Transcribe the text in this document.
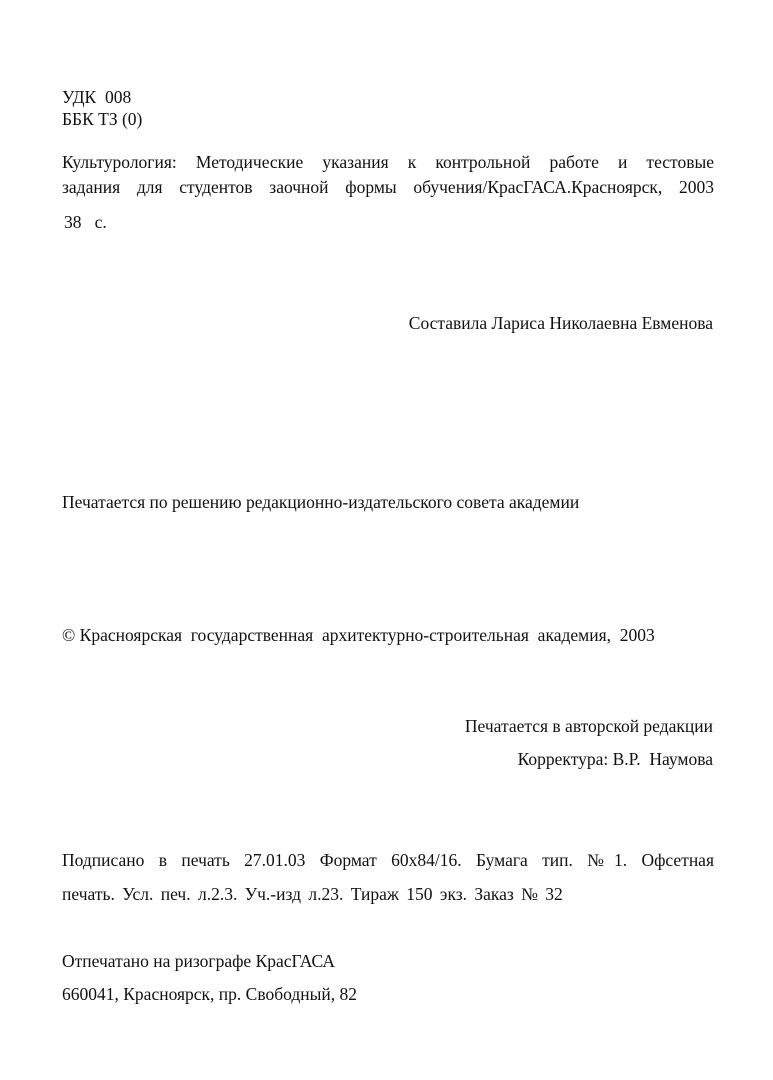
УДК  008
ББК ТЗ (0)
Культурология: Методические указания к контрольной работе и тестовые
задания для студентов заочной формы обучения/КрасГАСА.Красноярск, 2003
38   с.
Составила Лариса Николаевна Евменова
Печатается по решению редакционно-издательского совета академии
© Красноярская  государственная  архитектурно-строительная  академия,  2003
Печатается в авторской редакции
Корректура: В.Р.  Наумова
Подписано в печать 27.01.03 Формат 60x84/16. Бумага тип. №1. Офсетная
печать. Усл. печ. л.2.3. Уч.-изд л.23. Тираж 150 экз. Заказ № 32
Отпечатано на ризографе КрасГАСА
660041, Красноярск, пр. Свободный, 82
